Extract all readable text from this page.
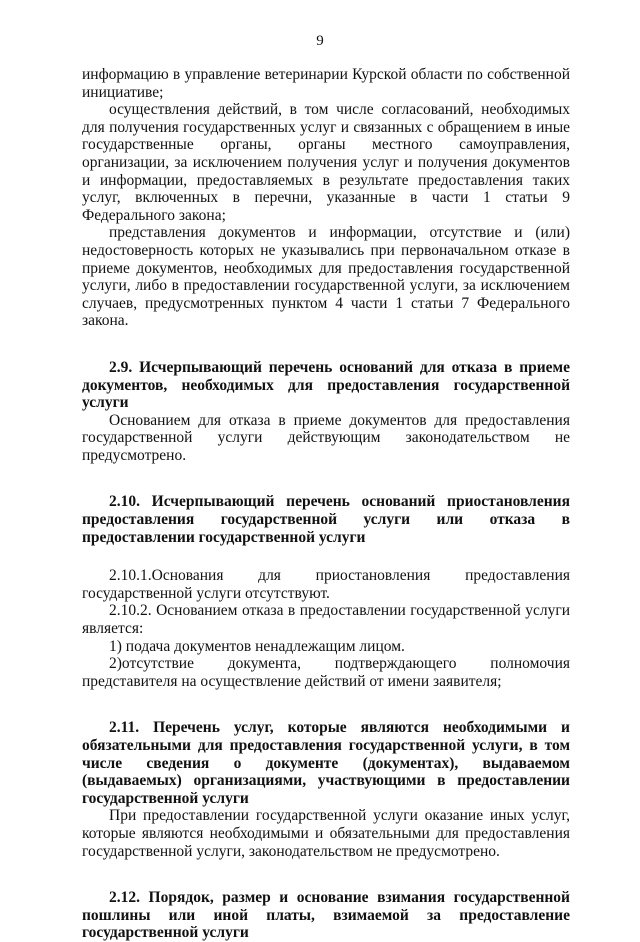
9

информацию в управление ветеринарии Курской области по собственной инициативе;

осуществления действий, в том числе согласований, необходимых для получения государственных услуг и связанных с обращением в иные государственные органы, органы местного самоуправления, организации, за исключением получения услуг и получения документов и информации, предоставляемых в результате предоставления таких услуг, включенных в перечни, указанные в части 1 статьи 9 Федерального закона;

представления документов и информации, отсутствие и (или) недостоверность которых не указывались при первоначальном отказе в приеме документов, необходимых для предоставления государственной услуги, либо в предоставлении государственной услуги, за исключением случаев, предусмотренных пунктом 4 части 1 статьи 7 Федерального закона.

2.9. Исчерпывающий перечень оснований для отказа в приеме документов, необходимых для предоставления государственной услуги

Основанием для отказа в приеме документов для предоставления государственной услуги действующим законодательством не предусмотрено.

2.10. Исчерпывающий перечень оснований приостановления предоставления государственной услуги или отказа в предоставлении государственной услуги

2.10.1.Основания для приостановления предоставления государственной услуги отсутствуют.

2.10.2. Основанием отказа в предоставлении государственной услуги является:

1) подача документов ненадлежащим лицом.

2)отсутствие документа, подтверждающего полномочия представителя на осуществление действий от имени заявителя;

2.11. Перечень услуг, которые являются необходимыми и обязательными для предоставления государственной услуги, в том числе сведения о документе (документах), выдаваемом (выдаваемых) организациями, участвующими в предоставлении государственной услуги

При предоставлении государственной услуги оказание иных услуг, которые являются необходимыми и обязательными для предоставления государственной услуги, законодательством не предусмотрено.

2.12. Порядок, размер и основание взимания государственной пошлины или иной платы, взимаемой за предоставление государственной услуги
